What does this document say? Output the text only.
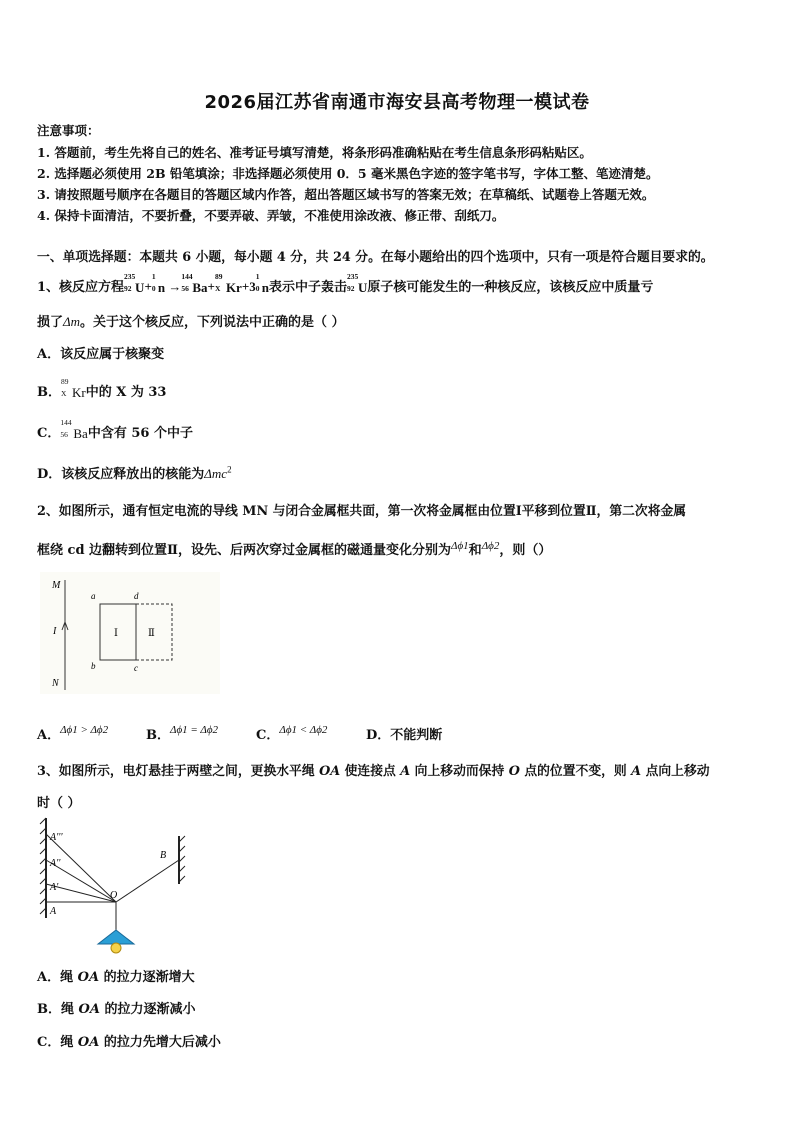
2026届江苏省南通市海安县高考物理一模试卷
注意事项：
1. 答题前，考生先将自己的姓名、准考证号填写清楚，将条形码准确粘贴在考生信息条形码粘贴区。
2. 选择题必须使用 2B 铅笔填涂；非选择题必须使用 0．5 毫米黑色字迹的签字笔书写，字体工整、笔迹清楚。
3. 请按照题号顺序在各题目的答题区域内作答，超出答题区域书写的答案无效；在草稿纸、试题卷上答题无效。
4. 保持卡面清洁，不要折叠，不要弄破、弄皱，不准使用涂改液、修正带、刮纸刀。
一、单项选择题：本题共 6 小题，每小题 4 分，共 24 分。在每小题给出的四个选项中，只有一项是符合题目要求的。
1、核反应方程
235
92 U+
1
0 n →
144
56 Ba+
89
X Kr+3
1
0 n表示中子轰击
235
92 U原子核可能发生的一种核反应，该核反应中质量亏
损了Δm。关于这个核反应，下列说法中正确的是（ ）
A．该反应属于核聚变
B．
89
X Kr中的 X 为 33
C．
144
56 Ba中含有 56 个中子
D．该核反应释放出的核能为Δmc$^2$
2、如图所示，通有恒定电流的导线 MN 与闭合金属框共面，第一次将金属框由位置Ⅰ平移到位置Ⅱ，第二次将金属
框绕 cd 边翻转到位置Ⅱ，设先、后两次穿过金属框的磁通量变化分别为$^{\Delta\phi 1}$和$^{\Delta\phi 2}$，则（）
M
N
I
a
b
d
c
Ⅰ	Ⅱ
A．$^{\Delta\phi 1 > \Delta\phi 2}$	B．$^{\Delta\phi 1 = \Delta\phi 2}$	C．$^{\Delta\phi 1 < \Delta\phi 2}$	D．不能判断
3、如图所示，电灯悬挂于两壁之间，更换水平绳 OA 使连接点 A 向上移动而保持 O 点的位置不变，则 A 点向上移动
时（ ）
A
A'
A''
A'''
O
B
A．绳 OA 的拉力逐渐增大
B．绳 OA 的拉力逐渐减小
C．绳 OA 的拉力先增大后减小
